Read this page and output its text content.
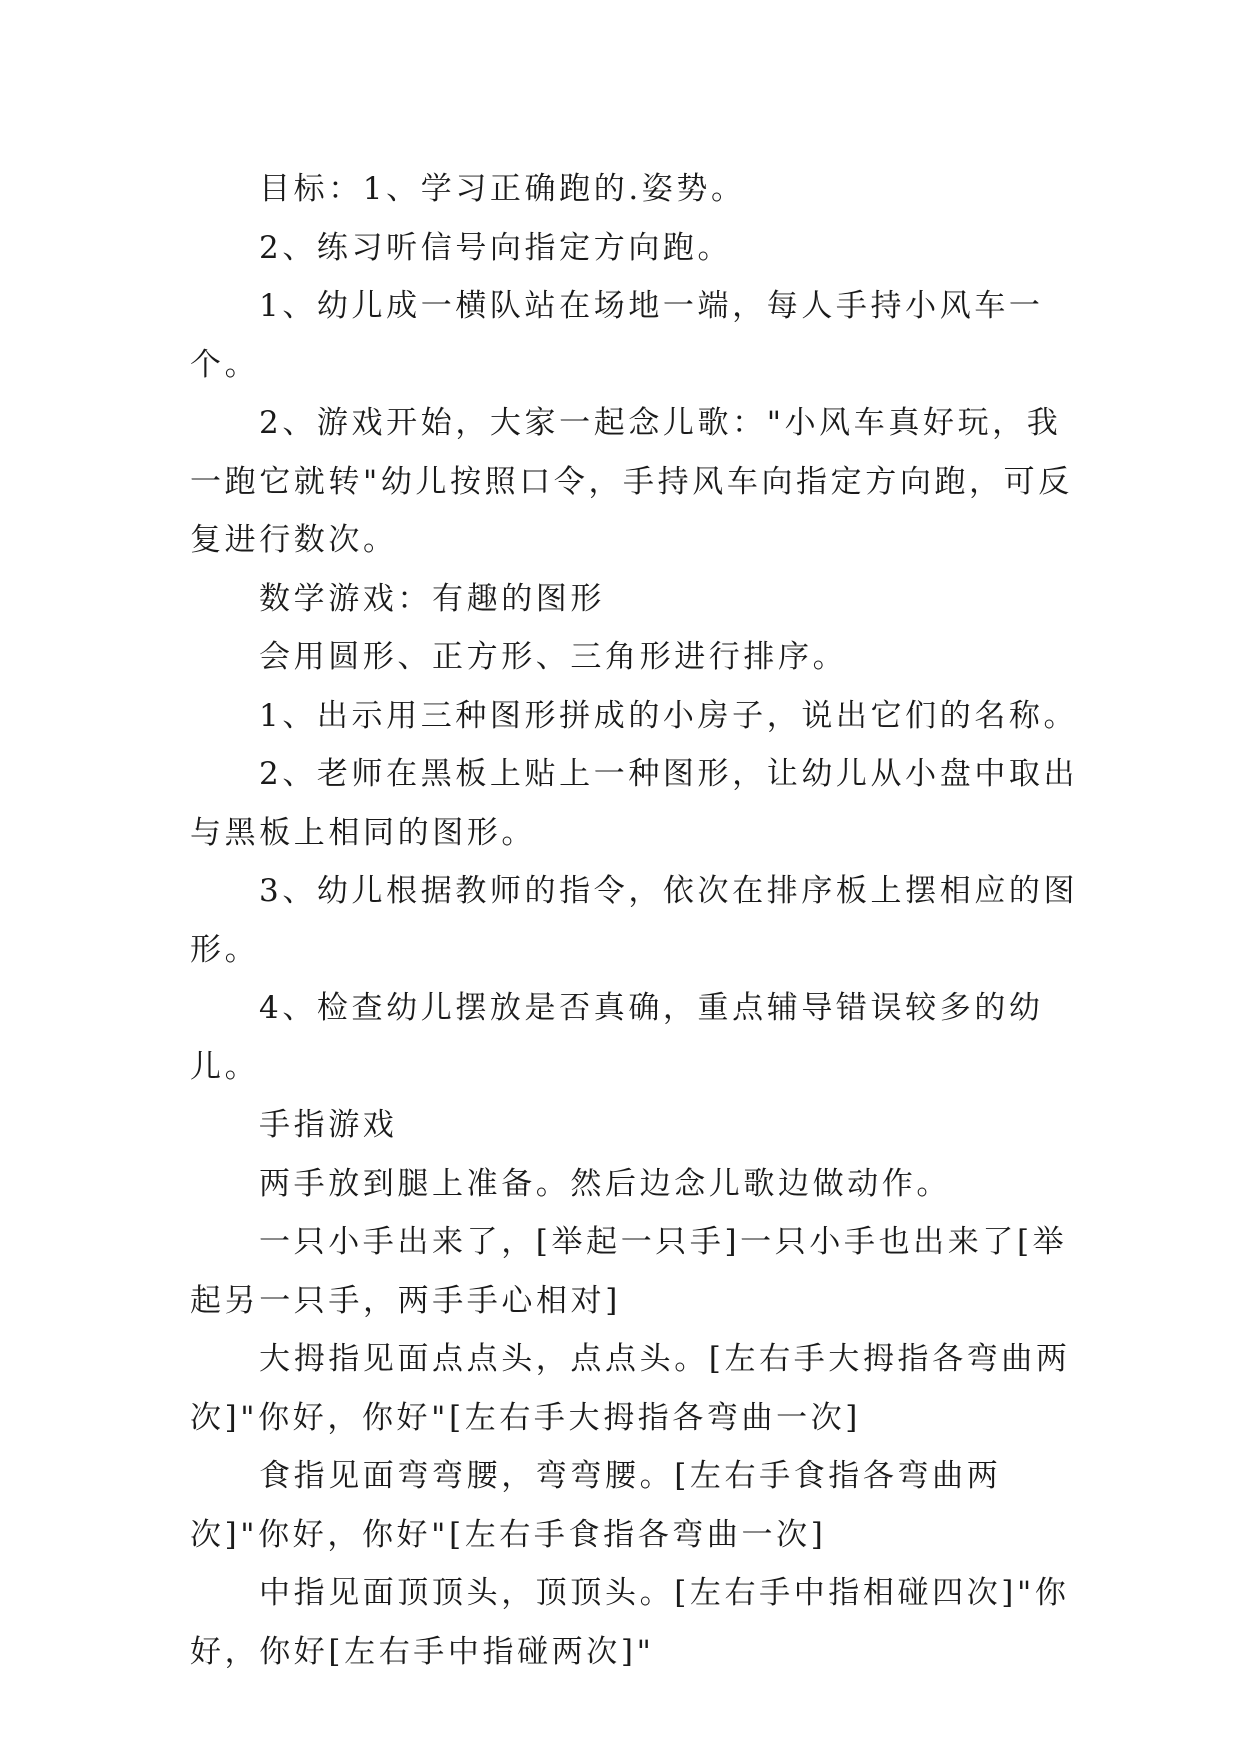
目标：1、学习正确跑的.姿势。

2、练习听信号向指定方向跑。

1、幼儿成一横队站在场地一端，每人手持小风车一个。

2、游戏开始，大家一起念儿歌："小风车真好玩，我一跑它就转"幼儿按照口令，手持风车向指定方向跑，可反复进行数次。

数学游戏：有趣的图形

会用圆形、正方形、三角形进行排序。

1、出示用三种图形拼成的小房子，说出它们的名称。

2、老师在黑板上贴上一种图形，让幼儿从小盘中取出与黑板上相同的图形。

3、幼儿根据教师的指令，依次在排序板上摆相应的图形。

4、检查幼儿摆放是否真确，重点辅导错误较多的幼儿。

手指游戏

两手放到腿上准备。然后边念儿歌边做动作。

一只小手出来了，[举起一只手]一只小手也出来了[举起另一只手，两手手心相对]

大拇指见面点点头，点点头。[左右手大拇指各弯曲两次]"你好，你好"[左右手大拇指各弯曲一次]

食指见面弯弯腰，弯弯腰。[左右手食指各弯曲两次]"你好，你好"[左右手食指各弯曲一次]

中指见面顶顶头，顶顶头。[左右手中指相碰四次]"你好，你好[左右手中指碰两次]"
